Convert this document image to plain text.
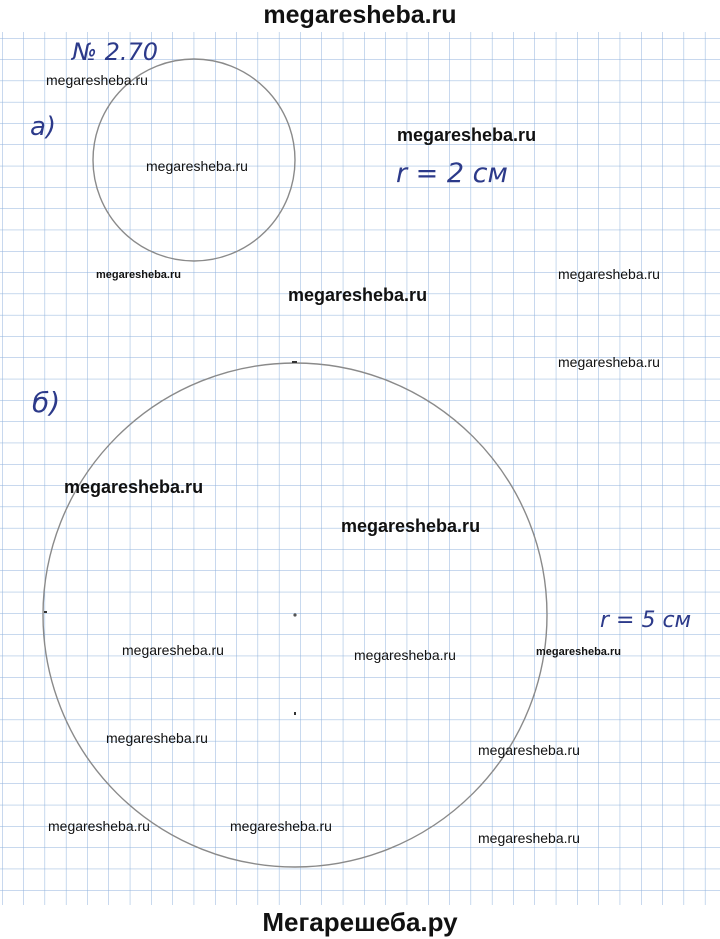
megaresheba.ru
№ 2.70
а)
r = 2 см
б)
r = 5 см
megaresheba.ru
megaresheba.ru
megaresheba.ru
megaresheba.ru	megaresheba.ru
megaresheba.ru
megaresheba.ru
megaresheba.ru
megaresheba.ru
megaresheba.ru	megaresheba.ru	megaresheba.ru
megaresheba.ru
megaresheba.ru
megaresheba.ru	megaresheba.ru
megaresheba.ru
Мегарешеба.ру
